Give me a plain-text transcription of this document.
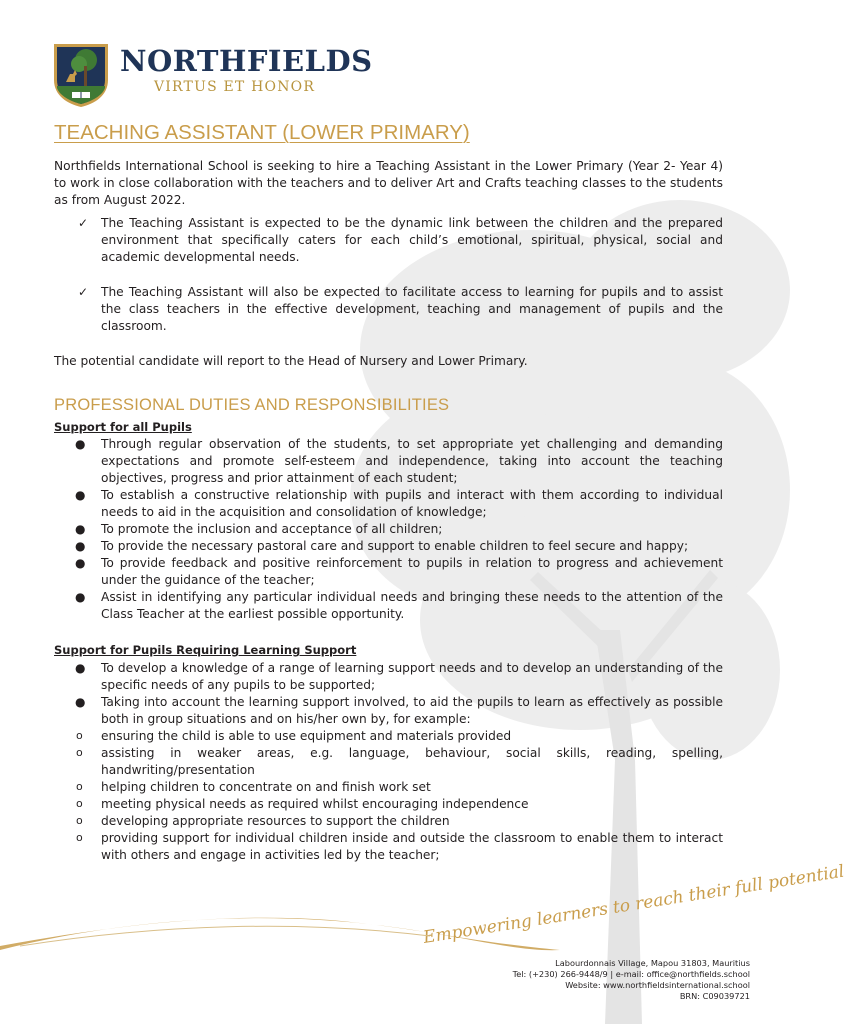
NORTHFIELDS
VIRTUS ET HONOR
TEACHING ASSISTANT (LOWER PRIMARY)
Northfields International School is seeking to hire a Teaching Assistant in the Lower Primary (Year 2- Year 4) to work in close collaboration with the teachers and to deliver Art and Crafts teaching classes to the students as from August 2022.
✓ The Teaching Assistant is expected to be the dynamic link between the children and the prepared environment that specifically caters for each child’s emotional, spiritual, physical, social and academic developmental needs.
✓ The Teaching Assistant will also be expected to facilitate access to learning for pupils and to assist the class teachers in the effective development, teaching and management of pupils and the classroom.
The potential candidate will report to the Head of Nursery and Lower Primary.
PROFESSIONAL DUTIES AND RESPONSIBILITIES
Support for all Pupils
● Through regular observation of the students, to set appropriate yet challenging and demanding expectations and promote self-esteem and independence, taking into account the teaching objectives, progress and prior attainment of each student;
● To establish a constructive relationship with pupils and interact with them according to individual needs to aid in the acquisition and consolidation of knowledge;
● To promote the inclusion and acceptance of all children;
● To provide the necessary pastoral care and support to enable children to feel secure and happy;
● To provide feedback and positive reinforcement to pupils in relation to progress and achievement under the guidance of the teacher;
● Assist in identifying any particular individual needs and bringing these needs to the attention of the Class Teacher at the earliest possible opportunity.
Support for Pupils Requiring Learning Support
● To develop a knowledge of a range of learning support needs and to develop an understanding of the specific needs of any pupils to be supported;
● Taking into account the learning support involved, to aid the pupils to learn as effectively as possible both in group situations and on his/her own by, for example:
o ensuring the child is able to use equipment and materials provided
o assisting in weaker areas, e.g. language, behaviour, social skills, reading, spelling, handwriting/presentation
o helping children to concentrate on and finish work set
o meeting physical needs as required whilst encouraging independence
o developing appropriate resources to support the children
o providing support for individual children inside and outside the classroom to enable them to interact with others and engage in activities led by the teacher;
Empowering learners to reach their full potential
Labourdonnais Village, Mapou 31803, Mauritius
Tel: (+230) 266-9448/9 | e-mail: office@northfields.school
Website: www.northfieldsinternational.school
BRN: C09039721
